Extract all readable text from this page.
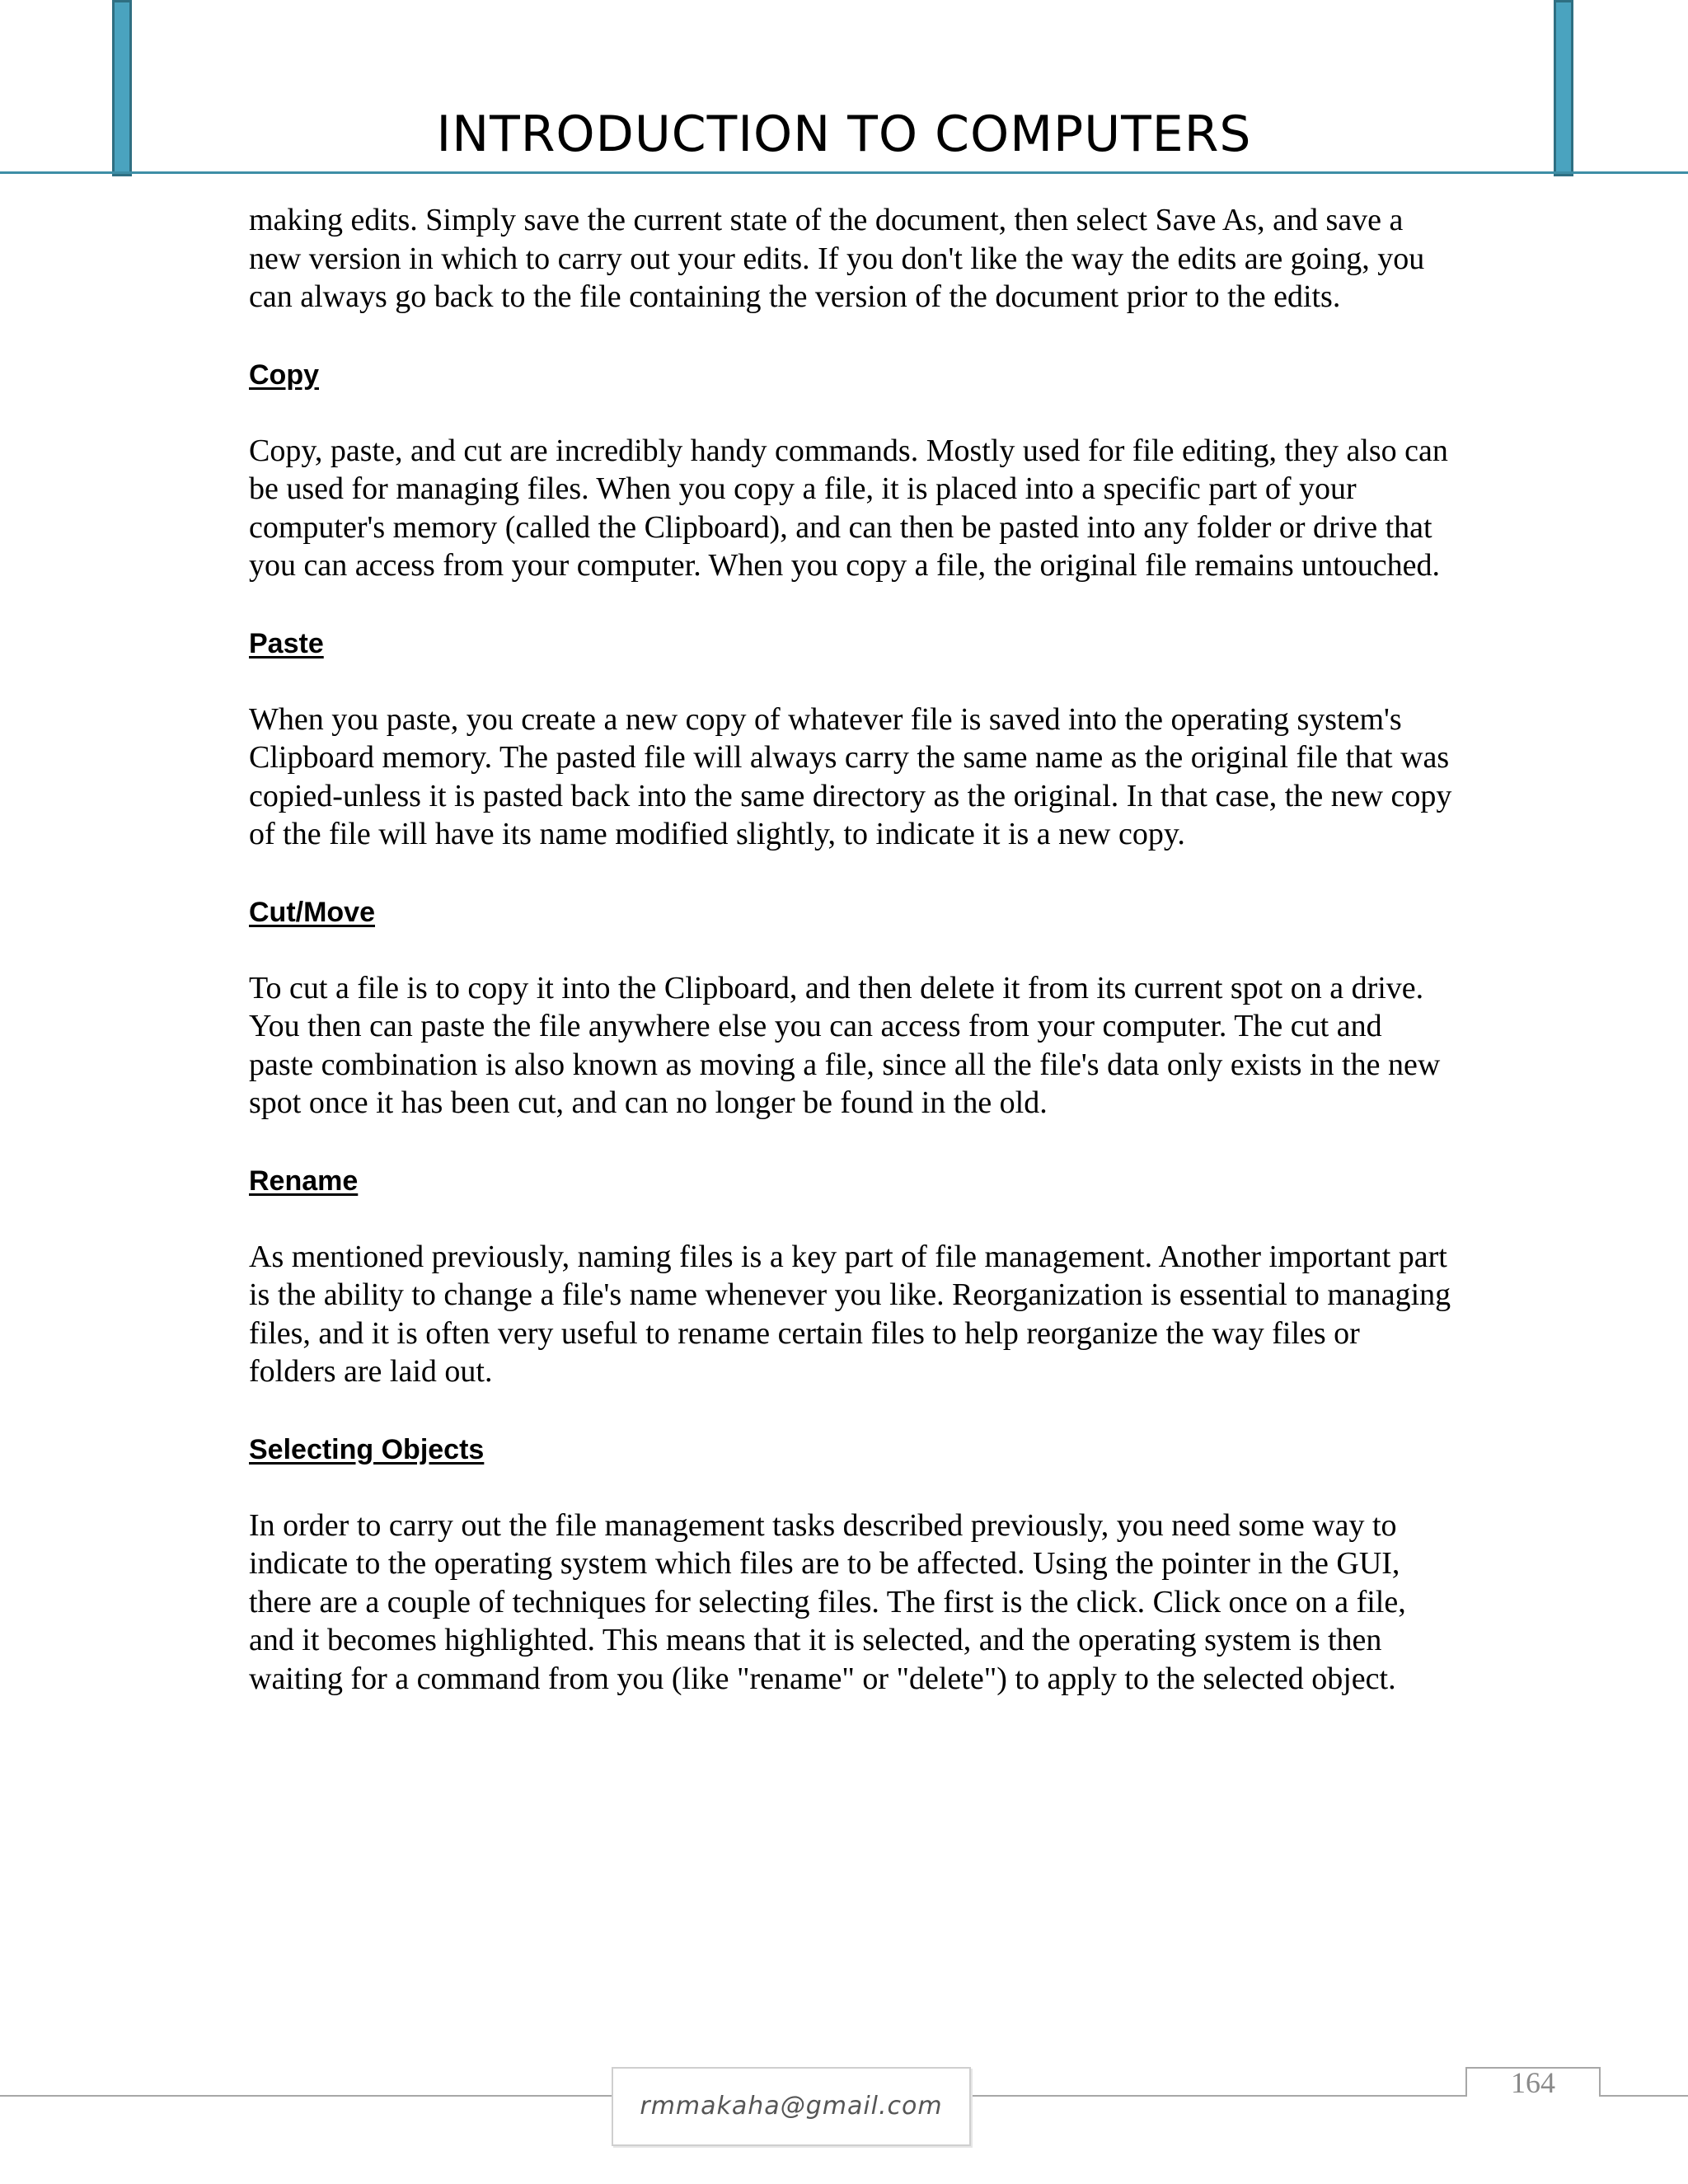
INTRODUCTION TO COMPUTERS

making edits. Simply save the current state of the document, then select Save As, and save a new version in which to carry out your edits. If you don't like the way the edits are going, you can always go back to the file containing the version of the document prior to the edits.

Copy

Copy, paste, and cut are incredibly handy commands. Mostly used for file editing, they also can be used for managing files. When you copy a file, it is placed into a specific part of your computer's memory (called the Clipboard), and can then be pasted into any folder or drive that you can access from your computer. When you copy a file, the original file remains untouched.

Paste

When you paste, you create a new copy of whatever file is saved into the operating system's Clipboard memory. The pasted file will always carry the same name as the original file that was copied-unless it is pasted back into the same directory as the original. In that case, the new copy of the file will have its name modified slightly, to indicate it is a new copy.

Cut/Move

To cut a file is to copy it into the Clipboard, and then delete it from its current spot on a drive. You then can paste the file anywhere else you can access from your computer. The cut and paste combination is also known as moving a file, since all the file's data only exists in the new spot once it has been cut, and can no longer be found in the old.

Rename

As mentioned previously, naming files is a key part of file management. Another important part is the ability to change a file's name whenever you like. Reorganization is essential to managing files, and it is often very useful to rename certain files to help reorganize the way files or folders are laid out.

Selecting Objects

In order to carry out the file management tasks described previously, you need some way to indicate to the operating system which files are to be affected. Using the pointer in the GUI, there are a couple of techniques for selecting files. The first is the click. Click once on a file, and it becomes highlighted. This means that it is selected, and the operating system is then waiting for a command from you (like "rename" or "delete") to apply to the selected object.

rmmakaha@gmail.com
164
